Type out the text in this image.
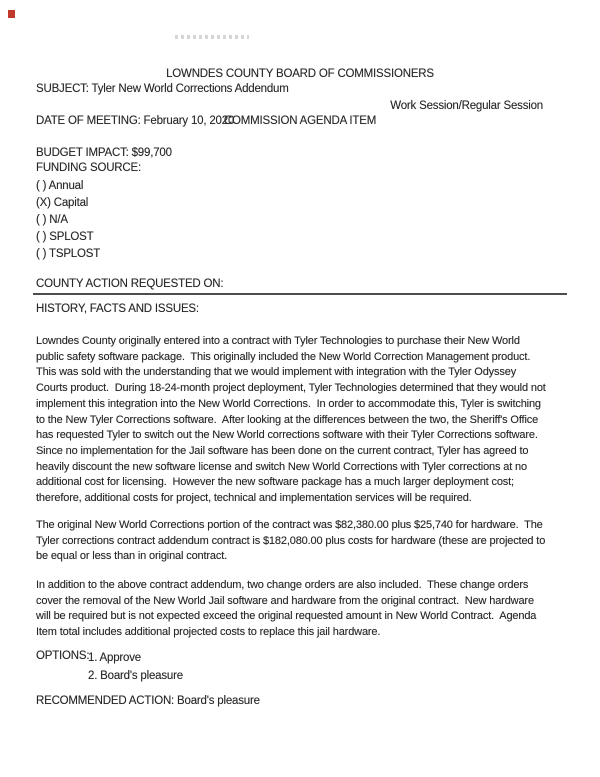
LOWNDES COUNTY BOARD OF COMMISSIONERS

COMMISSION AGENDA ITEM

SUBJECT: Tyler New World Corrections Addendum
Work Session/Regular Session
DATE OF MEETING: February 10, 2020
BUDGET IMPACT: $99,700
FUNDING SOURCE:
( ) Annual
(X) Capital
( ) N/A
( ) SPLOST
( ) TSPLOST
COUNTY ACTION REQUESTED ON:
HISTORY, FACTS AND ISSUES:
Lowndes County originally entered into a contract with Tyler Technologies to purchase their New World
public safety software package.  This originally included the New World Correction Management product.
This was sold with the understanding that we would implement with integration with the Tyler Odyssey
Courts product.  During 18-24-month project deployment, Tyler Technologies determined that they would not
implement this integration into the New World Corrections.  In order to accommodate this, Tyler is switching
to the New Tyler Corrections software.  After looking at the differences between the two, the Sheriff's Office
has requested Tyler to switch out the New World corrections software with their Tyler Corrections software.
Since no implementation for the Jail software has been done on the current contract, Tyler has agreed to
heavily discount the new software license and switch New World Corrections with Tyler corrections at no
additional cost for licensing.  However the new software package has a much larger deployment cost;
therefore, additional costs for project, technical and implementation services will be required.
The original New World Corrections portion of the contract was $82,380.00 plus $25,740 for hardware.  The
Tyler corrections contract addendum contract is $182,080.00 plus costs for hardware (these are projected to
be equal or less than in original contract.
In addition to the above contract addendum, two change orders are also included.  These change orders
cover the removal of the New World Jail software and hardware from the original contract.  New hardware
will be required but is not expected exceed the original requested amount in New World Contract.  Agenda
Item total includes additional projected costs to replace this jail hardware.
OPTIONS:
1. Approve
2. Board's pleasure
RECOMMENDED ACTION: Board's pleasure
